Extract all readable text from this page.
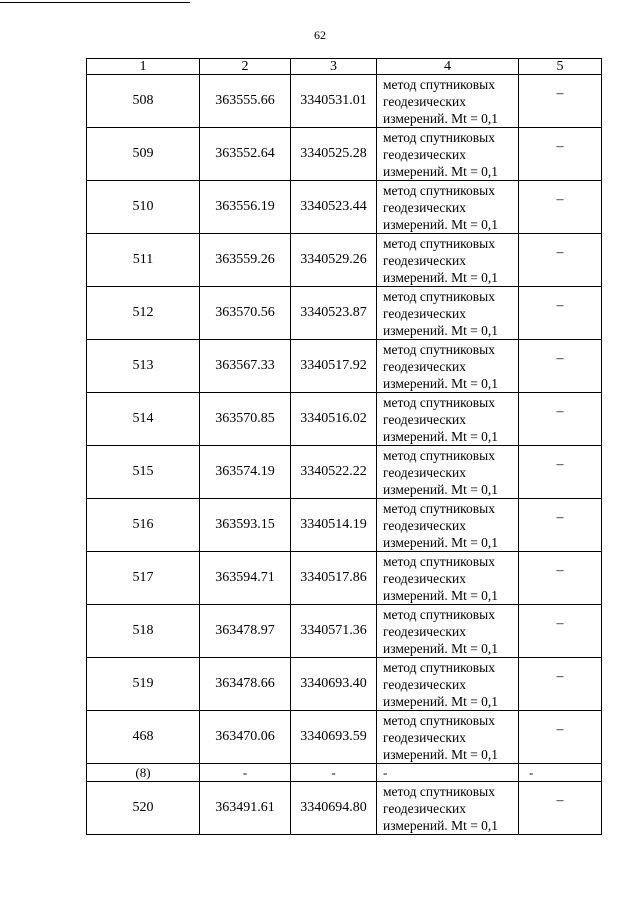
62
1	2	3	4	5
508	363555.66	3340531.01	метод спутниковых
геодезических
измерений. Mt = 0,1	–
509	363552.64	3340525.28	метод спутниковых
геодезических
измерений. Mt = 0,1	–
510	363556.19	3340523.44	метод спутниковых
геодезических
измерений. Mt = 0,1	–
511	363559.26	3340529.26	метод спутниковых
геодезических
измерений. Mt = 0,1	–
512	363570.56	3340523.87	метод спутниковых
геодезических
измерений. Mt = 0,1	–
513	363567.33	3340517.92	метод спутниковых
геодезических
измерений. Mt = 0,1	–
514	363570.85	3340516.02	метод спутниковых
геодезических
измерений. Mt = 0,1	–
515	363574.19	3340522.22	метод спутниковых
геодезических
измерений. Mt = 0,1	–
516	363593.15	3340514.19	метод спутниковых
геодезических
измерений. Mt = 0,1	–
517	363594.71	3340517.86	метод спутниковых
геодезических
измерений. Mt = 0,1	–
518	363478.97	3340571.36	метод спутниковых
геодезических
измерений. Mt = 0,1	–
519	363478.66	3340693.40	метод спутниковых
геодезических
измерений. Mt = 0,1	–
468	363470.06	3340693.59	метод спутниковых
геодезических
измерений. Mt = 0,1	–
(8)	-	-	-	-
520	363491.61	3340694.80	метод спутниковых
геодезических
измерений. Mt = 0,1	–
